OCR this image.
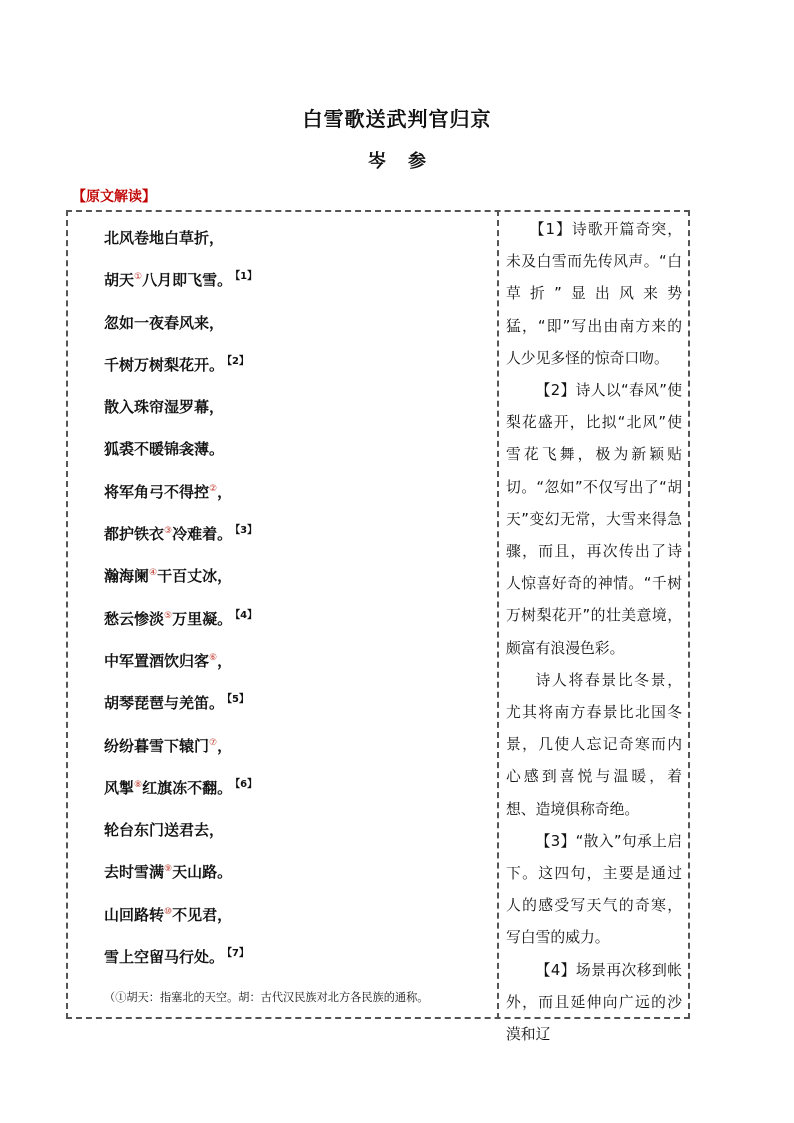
白雪歌送武判官归京
岑 参
【原文解读】
北风卷地白草折，
胡天①八月即飞雪。 $^{【1】}$
忽如一夜春风来，
千树万树梨花开。 $^{【2】}$
散入珠帘湿罗幕，
狐裘不暖锦衾薄。
将军角弓不得控②，
都护铁衣③冷难着。 $^{【3】}$
瀚海阑④干百丈冰，
愁云惨淡⑤万里凝。 $^{【4】}$
中军置酒饮归客⑥，
胡琴琵琶与羌笛。 $^{【5】}$
纷纷暮雪下辕门⑦，
风掣⑧红旗冻不翻。 $^{【6】}$
轮台东门送君去，
去时雪满⑨天山路。
山回路转⑩不见君，
雪上空留马行处。 $^{【7】}$
（①胡天：指塞北的天空。胡：古代汉民族对北方各民族的通称。

【1】诗歌开篇奇突，未及白雪而先传风声。“白草折”显出风来势猛，“即”写出由南方来的人少见多怪的惊奇口吻。

【2】诗人以“春风”使梨花盛开，比拟“北风”使雪花飞舞，极为新颖贴切。“忽如”不仅写出了“胡天”变幻无常，大雪来得急骤，而且，再次传出了诗人惊喜好奇的神情。“千树万树梨花开”的壮美意境，颇富有浪漫色彩。

诗人将春景比冬景，尤其将南方春景比北国冬景，几使人忘记奇寒而内心感到喜悦与温暖，着想、造境俱称奇绝。

【3】“散入”句承上启下。这四句，主要是通过人的感受写天气的奇寒，写白雪的威力。

【4】场景再次移到帐外，而且延伸向广远的沙漠和辽
